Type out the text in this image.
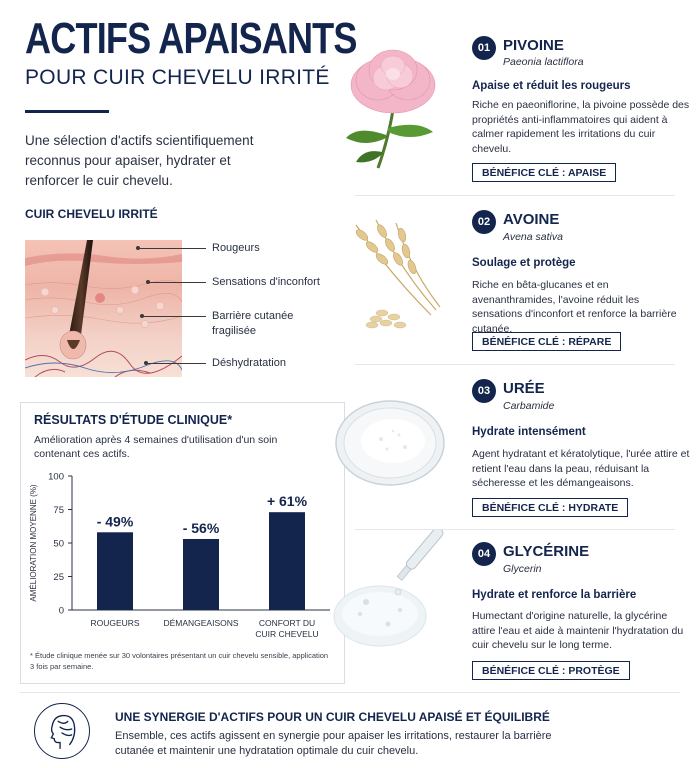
ACTIFS APAISANTS
POUR CUIR CHEVELU IRRITÉ
Une sélection d'actifs scientifiquement reconnus pour apaiser, hydrater et renforcer le cuir chevelu.
CUIR CHEVELU IRRITÉ
Rougeurs
Sensations d'inconfort
Barrière cutanée fragilisée
Déshydratation
RÉSULTATS D'ÉTUDE CLINIQUE*
Amélioration après 4 semaines d'utilisation d'un soin contenant ces actifs.
0
25
50
75
100
AMÉLIORATION MOYENNE (%)	- 49%
ROUGEURS
- 56%
DÉMANGEAISONS
+ 61%
CONFORT DU
CUIR CHEVELU
* Étude clinique menée sur 30 volontaires présentant un cuir chevelu sensible, application 3 fois par semaine.
01 PIVOINE
Paeonia lactiflora
Apaise et réduit les rougeurs
Riche en paeoniflorine, la pivoine possède des propriétés anti-inflammatoires qui aident à calmer rapidement les irritations du cuir chevelu.
BÉNÉFICE CLÉ : APAISE
02 AVOINE
Avena sativa
Soulage et protège
Riche en bêta-glucanes et en avenanthramides, l'avoine réduit les sensations d'inconfort et renforce la barrière cutanée.
BÉNÉFICE CLÉ : RÉPARE
03 URÉE
Carbamide
Hydrate intensément
Agent hydratant et kératolytique, l'urée attire et retient l'eau dans la peau, réduisant la sécheresse et les démangeaisons.
BÉNÉFICE CLÉ : HYDRATE
04 GLYCÉRINE
Glycerin
Hydrate et renforce la barrière
Humectant d'origine naturelle, la glycérine attire l'eau et aide à maintenir l'hydratation du cuir chevelu sur le long terme.
BÉNÉFICE CLÉ : PROTÈGE
UNE SYNERGIE D'ACTIFS POUR UN CUIR CHEVELU APAISÉ ET ÉQUILIBRÉ
Ensemble, ces actifs agissent en synergie pour apaiser les irritations, restaurer la barrière cutanée et maintenir une hydratation optimale du cuir chevelu.
